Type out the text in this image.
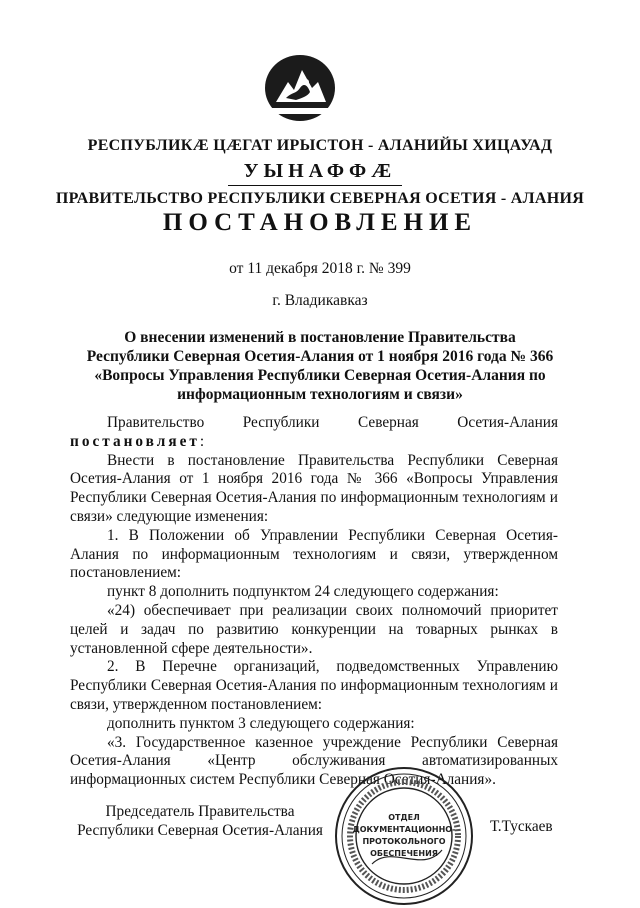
РЕСПУБЛИКÆ ЦÆГАТ ИРЫСТОН - АЛАНИЙЫ ХИЦАУАД
УЫНАФФÆ
ПРАВИТЕЛЬСТВО РЕСПУБЛИКИ СЕВЕРНАЯ ОСЕТИЯ - АЛАНИЯ
ПОСТАНОВЛЕНИЕ
от 11 декабря 2018 г. № 399
г. Владикавказ
О внесении изменений в постановление Правительства
Республики Северная Осетия-Алания от 1 ноября 2016 года № 366
«Вопросы Управления Республики Северная Осетия-Алания по
информационным технологиям и связи»
Правительство	Республики	Северная	Осетия-Алания

постановляет:

Внести в постановление Правительства Республики Северная Осетия-Алания от 1 ноября 2016 года № 366 «Вопросы Управления Республики Северная Осетия-Алания по информационным технологиям и связи» следующие изменения:

1. В Положении об Управлении Республики Северная Осетия-Алания по информационным технологиям и связи, утвержденном постановлением:

пункт 8 дополнить подпунктом 24 следующего содержания:

«24) обеспечивает при реализации своих полномочий приоритет целей и задач по развитию конкуренции на товарных рынках в установленной сфере деятельности».

2. В Перечне организаций, подведомственных Управлению Республики Северная Осетия-Алания по информационным технологиям и связи, утвержденном постановлением:

дополнить пунктом 3 следующего содержания:

«3. Государственное казенное учреждение Республики Северная Осетия-Алания «Центр обслуживания автоматизированных информационных систем Республики Северная Осетия-Алания».

Председатель Правительства
Республики Северная Осетия-Алания
ОТДЕЛ
ДОКУМЕНТАЦИОННО-
ПРОТОКОЛЬНОГО
ОБЕСПЕЧЕНИЯ
Т.Тускаев
